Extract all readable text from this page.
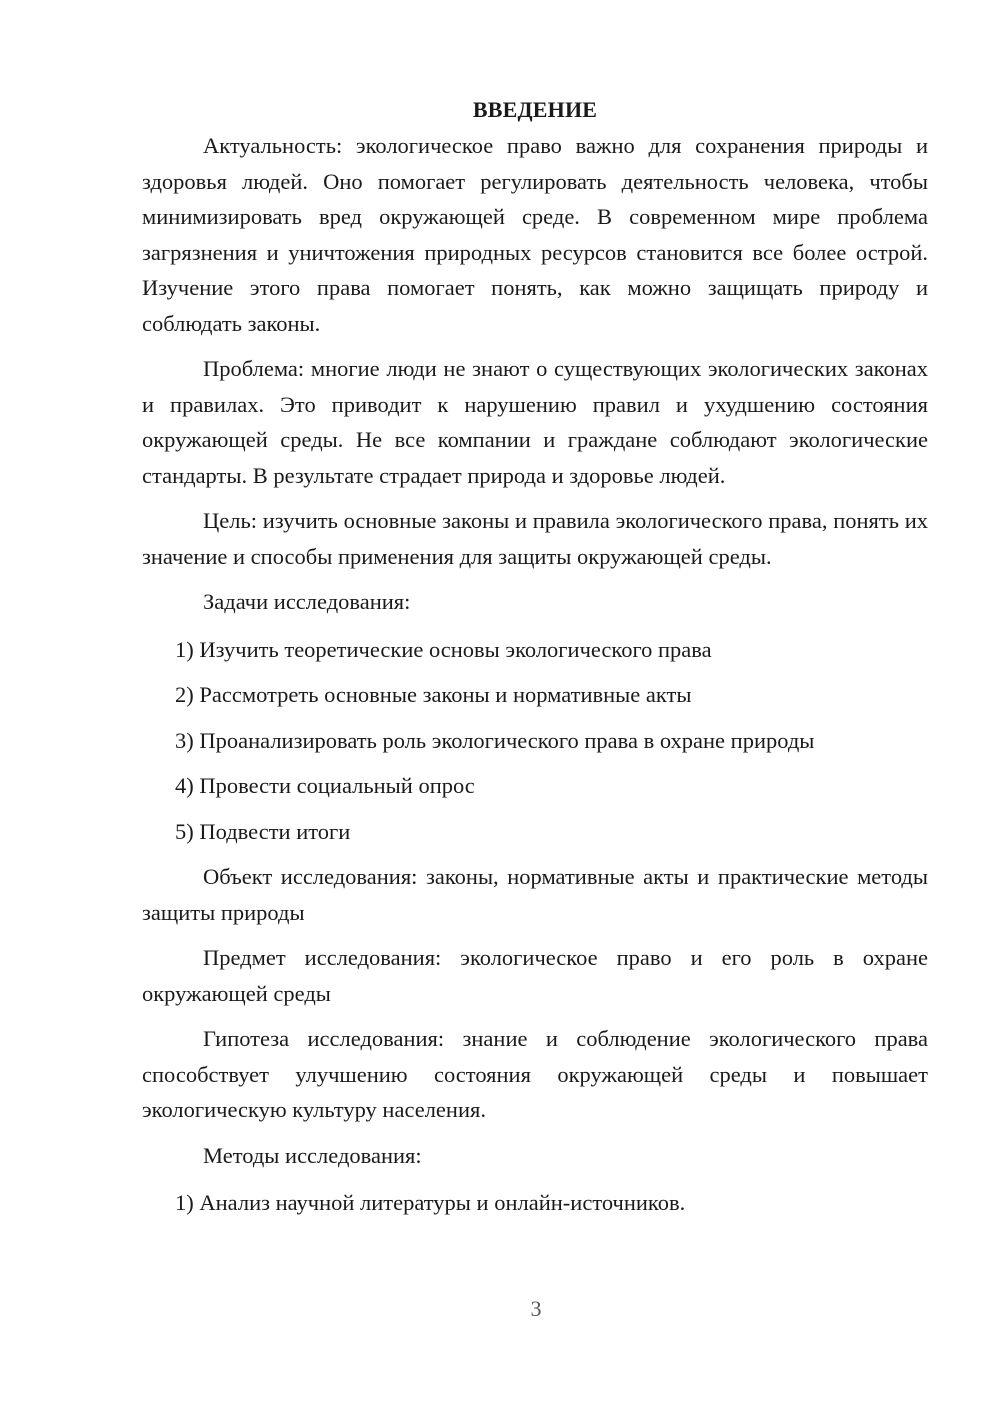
ВВЕДЕНИЕ

Актуальность: экологическое право важно для сохранения природы и здоровья людей. Оно помогает регулировать деятельность человека, чтобы минимизировать вред окружающей среде. В современном мире проблема загрязнения и уничтожения природных ресурсов становится все более острой. Изучение этого права помогает понять, как можно защищать природу и соблюдать законы.

Проблема: многие люди не знают о существующих экологических законах и правилах. Это приводит к нарушению правил и ухудшению состояния окружающей среды. Не все компании и граждане соблюдают экологические стандарты. В результате страдает природа и здоровье людей.

Цель: изучить основные законы и правила экологического права, понять их значение и способы применения для защиты окружающей среды.

Задачи исследования:

1) Изучить теоретические основы экологического права
2) Рассмотреть основные законы и нормативные акты
3) Проанализировать роль экологического права в охране природы
4) Провести социальный опрос
5) Подвести итоги

Объект исследования: законы, нормативные акты и практические методы защиты природы

Предмет исследования: экологическое право и его роль в охране окружающей среды

Гипотеза исследования: знание и соблюдение экологического права способствует улучшению состояния окружающей среды и повышает экологическую культуру населения.

Методы исследования:

1) Анализ научной литературы и онлайн-источников.
3
